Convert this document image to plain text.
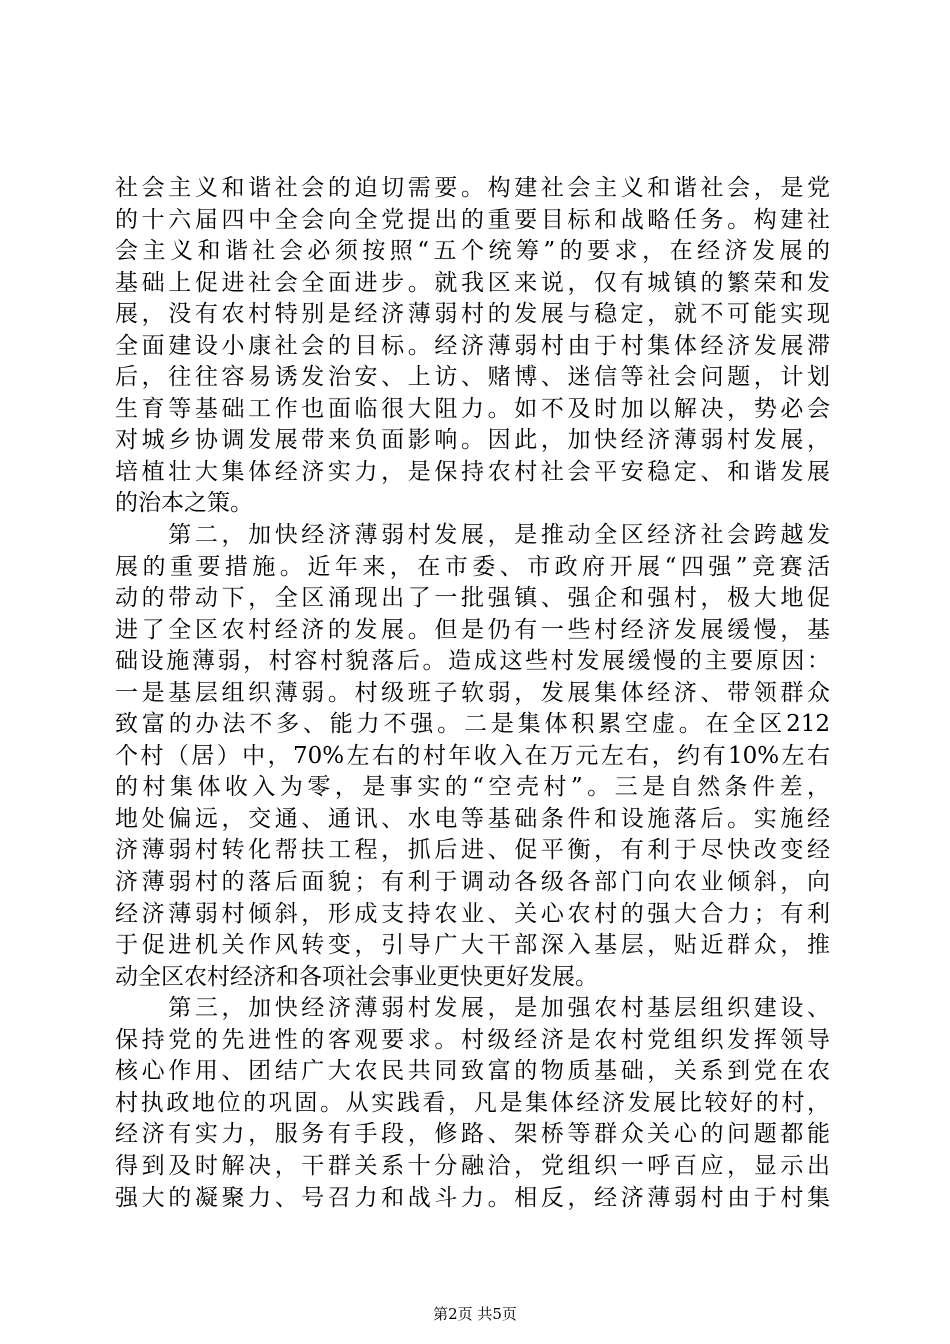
社会主义和谐社会的迫切需要。构建社会主义和谐社会，是党
的十六届四中全会向全党提出的重要目标和战略任务。构建社
会主义和谐社会必须按照“五个统筹”的要求，在经济发展的
基础上促进社会全面进步。就我区来说，仅有城镇的繁荣和发
展，没有农村特别是经济薄弱村的发展与稳定，就不可能实现
全面建设小康社会的目标。经济薄弱村由于村集体经济发展滞
后，往往容易诱发治安、上访、赌博、迷信等社会问题，计划
生育等基础工作也面临很大阻力。如不及时加以解决，势必会
对城乡协调发展带来负面影响。因此，加快经济薄弱村发展，
培植壮大集体经济实力，是保持农村社会平安稳定、和谐发展
的治本之策。
　　第二，加快经济薄弱村发展，是推动全区经济社会跨越发
展的重要措施。近年来，在市委、市政府开展“四强”竞赛活
动的带动下，全区涌现出了一批强镇、强企和强村，极大地促
进了全区农村经济的发展。但是仍有一些村经济发展缓慢，基
础设施薄弱，村容村貌落后。造成这些村发展缓慢的主要原因：
一是基层组织薄弱。村级班子软弱，发展集体经济、带领群众
致富的办法不多、能力不强。二是集体积累空虚。在全区212
个村（居）中，70%左右的村年收入在万元左右，约有10%左右
的村集体收入为零，是事实的“空壳村”。三是自然条件差，
地处偏远，交通、通讯、水电等基础条件和设施落后。实施经
济薄弱村转化帮扶工程，抓后进、促平衡，有利于尽快改变经
济薄弱村的落后面貌；有利于调动各级各部门向农业倾斜，向
经济薄弱村倾斜，形成支持农业、关心农村的强大合力；有利
于促进机关作风转变，引导广大干部深入基层，贴近群众，推
动全区农村经济和各项社会事业更快更好发展。
　　第三，加快经济薄弱村发展，是加强农村基层组织建设、
保持党的先进性的客观要求。村级经济是农村党组织发挥领导
核心作用、团结广大农民共同致富的物质基础，关系到党在农
村执政地位的巩固。从实践看，凡是集体经济发展比较好的村，
经济有实力，服务有手段，修路、架桥等群众关心的问题都能
得到及时解决，干群关系十分融洽，党组织一呼百应，显示出
强大的凝聚力、号召力和战斗力。相反，经济薄弱村由于村集
第2页 共5页
